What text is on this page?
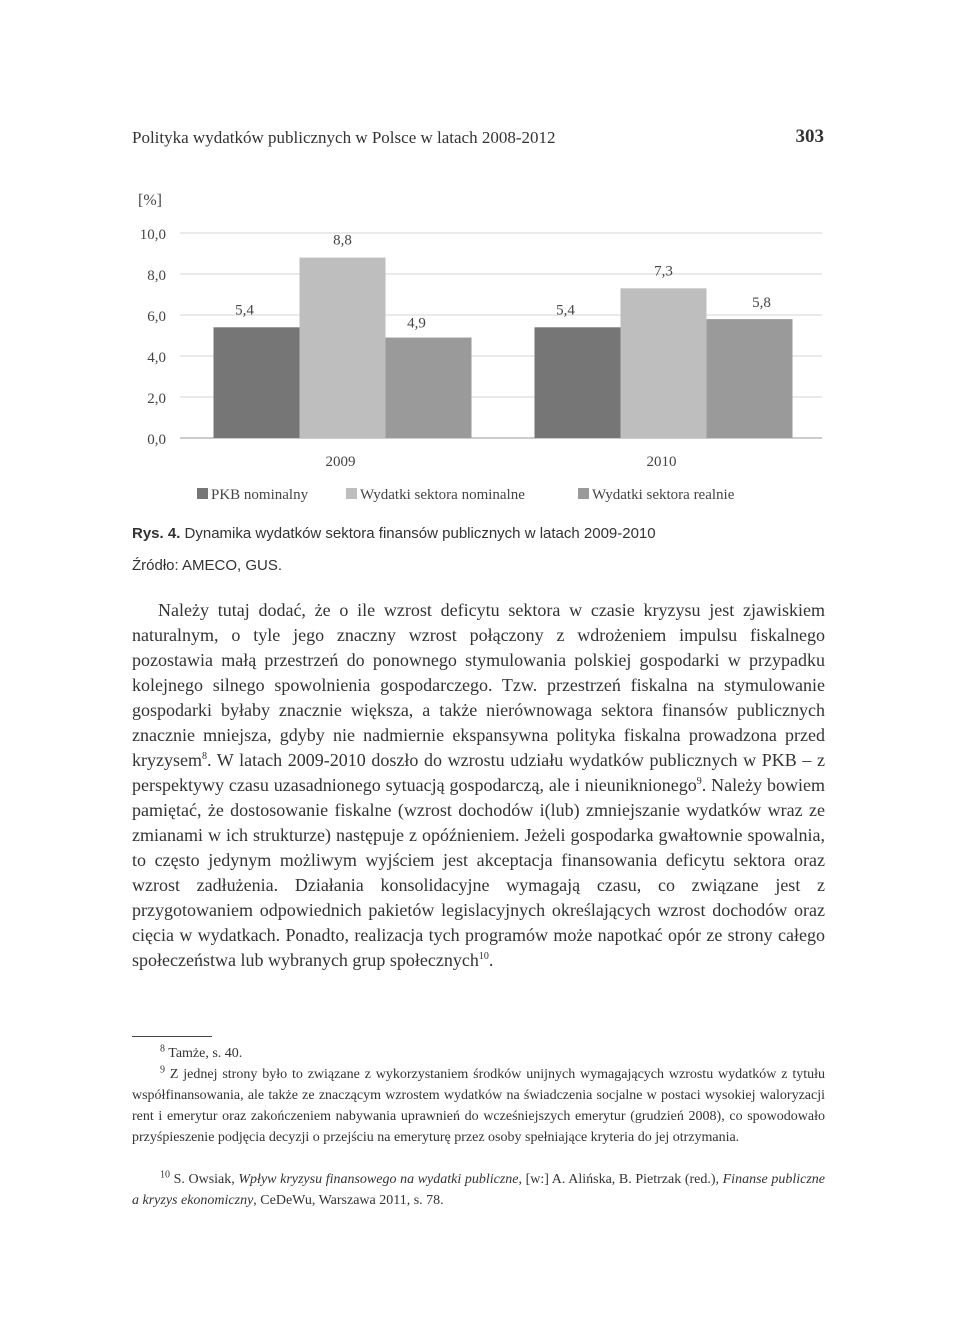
Polityka wydatków publicznych w Polsce w latach 2008-2012	303
[%]
0,0
2,0
4,0
6,0
8,0
10,0
5,4
8,8
4,9
5,4
7,3
5,8
2009	2010
PKB nominalny	Wydatki sektora nominalne	Wydatki sektora realnie
Rys. 4. Dynamika wydatków sektora finansów publicznych w latach 2009-2010
Źródło: AMECO, GUS.
Należy tutaj dodać, że o ile wzrost deficytu sektora w czasie kryzysu jest zjawiskiem naturalnym, o tyle jego znaczny wzrost połączony z wdrożeniem impulsu fiskalnego pozostawia małą przestrzeń do ponownego stymulowania polskiej gospodarki w przypadku kolejnego silnego spowolnienia gospodarczego. Tzw. przestrzeń fiskalna na stymulowanie gospodarki byłaby znacznie większa, a także nierównowaga sektora finansów publicznych znacznie mniejsza, gdyby nie nadmiernie ekspansywna polityka fiskalna prowadzona przed kryzysem$^8$. W latach 2009-2010 doszło do wzrostu udziału wydatków publicznych w PKB – z perspektywy czasu uzasadnionego sytuacją gospodarczą, ale i nieuniknionego$^9$. Należy bowiem pamiętać, że dostosowanie fiskalne (wzrost dochodów i(lub) zmniejszanie wydatków wraz ze zmianami w ich strukturze) następuje z opóźnieniem. Jeżeli gospodarka gwałtownie spowalnia, to często jedynym możliwym wyjściem jest akceptacja finansowania deficytu sektora oraz wzrost zadłużenia. Działania konsolidacyjne wymagają czasu, co związane jest z przygotowaniem odpowiednich pakietów legislacyjnych określających wzrost dochodów oraz cięcia w wydatkach. Ponadto, realizacja tych programów może napotkać opór ze strony całego społeczeństwa lub wybranych grup społecznych$^{10}$.
$^8$ Tamże, s. 40.
$^9$ Z jednej strony było to związane z wykorzystaniem środków unijnych wymagających wzrostu wydatków z tytułu współfinansowania, ale także ze znaczącym wzrostem wydatków na świadczenia socjalne w postaci wysokiej waloryzacji rent i emerytur oraz zakończeniem nabywania uprawnień do wcześniejszych emerytur (grudzień 2008), co spowodowało przyśpieszenie podjęcia decyzji o przejściu na emeryturę przez osoby spełniające kryteria do jej otrzymania.
$^{10}$ S. Owsiak, Wpływ kryzysu finansowego na wydatki publiczne, [w:] A. Alińska, B. Pietrzak (red.), Finanse publiczne a kryzys ekonomiczny, CeDeWu, Warszawa 2011, s. 78.
